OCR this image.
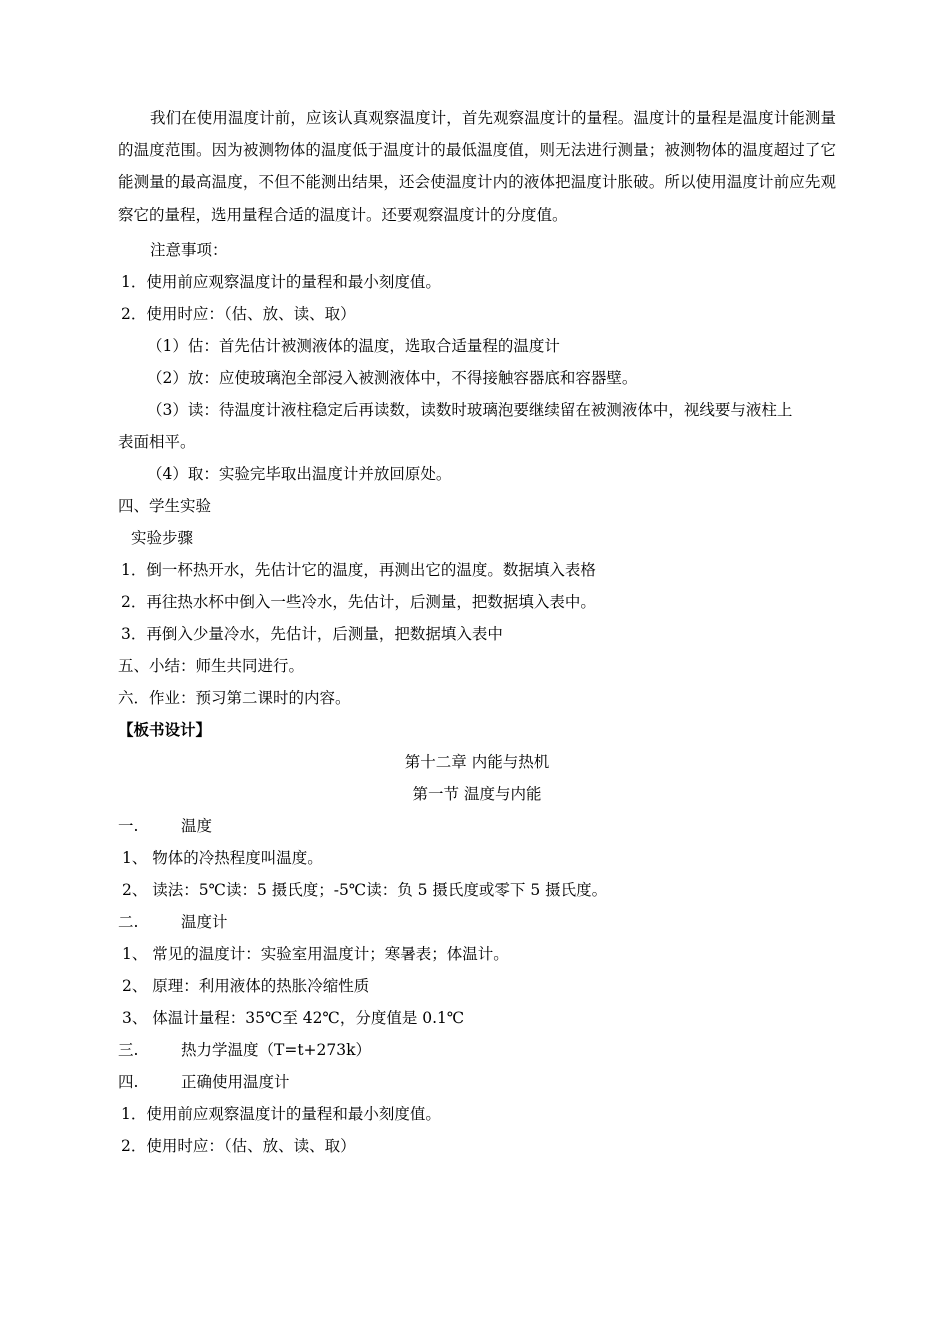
我们在使用温度计前，应该认真观察温度计，首先观察温度计的量程。温度计的量程是温度计能测量的温度范围。因为被测物体的温度低于温度计的最低温度值，则无法进行测量；被测物体的温度超过了它能测量的最高温度，不但不能测出结果，还会使温度计内的液体把温度计胀破。所以使用温度计前应先观察它的量程，选用量程合适的温度计。还要观察温度计的分度值。
注意事项：
1．使用前应观察温度计的量程和最小刻度值。
2．使用时应：（估、放、读、取）
（1）估：首先估计被测液体的温度，选取合适量程的温度计
（2）放：应使玻璃泡全部浸入被测液体中，不得接触容器底和容器壁。
（3）读：待温度计液柱稳定后再读数，读数时玻璃泡要继续留在被测液体中，视线要与液柱上
表面相平。
（4）取：实验完毕取出温度计并放回原处。
四、学生实验
实验步骤
1．倒一杯热开水，先估计它的温度，再测出它的温度。数据填入表格
2．再往热水杯中倒入一些冷水，先估计，后测量，把数据填入表中。
3．再倒入少量冷水，先估计，后测量，把数据填入表中
五、小结：师生共同进行。
六．作业：预习第二课时的内容。
【板书设计】
第十二章 内能与热机
第一节 温度与内能
一.	温度
1、 物体的冷热程度叫温度。
2、 读法：5℃读：5 摄氏度；-5℃读：负 5 摄氏度或零下 5 摄氏度。
二.	温度计
1、 常见的温度计：实验室用温度计；寒暑表；体温计。
2、 原理：利用液体的热胀冷缩性质
3、 体温计量程：35℃至 42℃，分度值是 0.1℃
三.	热力学温度（T=t+273k）
四.	正确使用温度计
1．使用前应观察温度计的量程和最小刻度值。
2．使用时应：（估、放、读、取）
